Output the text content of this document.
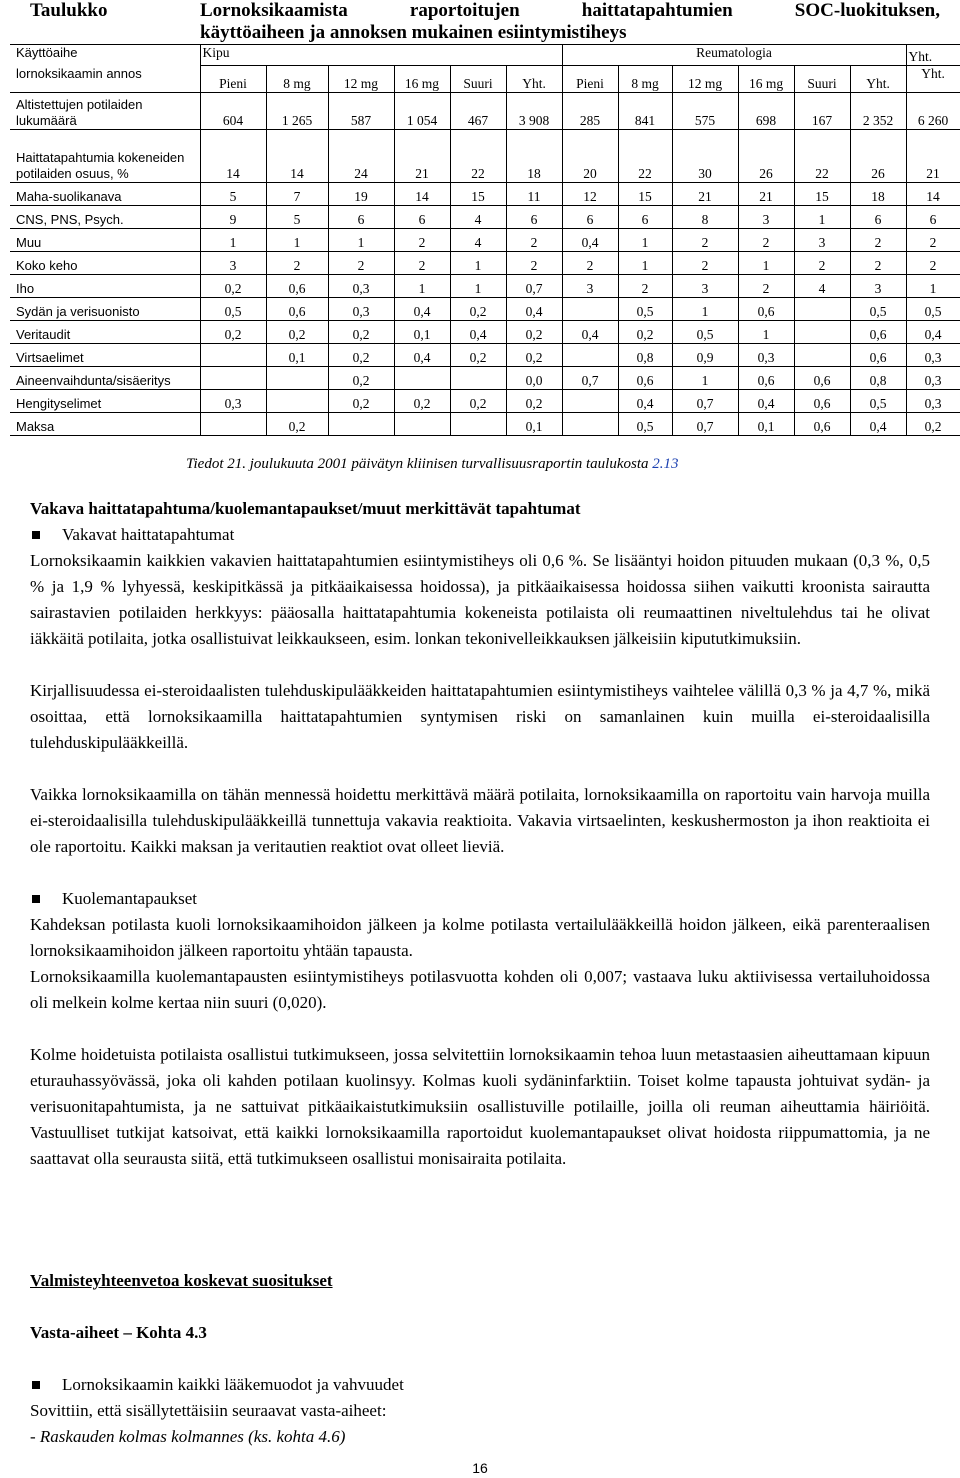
Taulukko	Lornoksikaamista raportoitujen haittatapahtumien SOC-luokituksen,
käyttöaiheen ja annoksen mukainen esiintymistiheys
Käyttöaihe	Kipu						Reumatologia						Yht.
lornoksikaamin annos	Pieni	8 mg	12 mg	16 mg	Suuri	Yht.	Pieni	8 mg	12 mg	16 mg	Suuri	Yht.	Yht.
Altistettujen potilaiden lukumäärä	604	1 265	587	1 054	467	3 908	285	841	575	698	167	2 352	6 260
Haittatapahtumia kokeneiden potilaiden osuus, %	14	14	24	21	22	18	20	22	30	26	22	26	21
Maha-suolikanava	5	7	19	14	15	11	12	15	21	21	15	18	14
CNS, PNS, Psych.	9	5	6	6	4	6	6	6	8	3	1	6	6
Muu	1	1	1	2	4	2	0,4	1	2	2	3	2	2
Koko keho	3	2	2	2	1	2	2	1	2	1	2	2	2
Iho	0,2	0,6	0,3	1	1	0,7	3	2	3	2	4	3	1
Sydän ja verisuonisto	0,5	0,6	0,3	0,4	0,2	0,4		0,5	1	0,6		0,5	0,5
Veritaudit	0,2	0,2	0,2	0,1	0,4	0,2	0,4	0,2	0,5	1		0,6	0,4
Virtsaelimet		0,1	0,2	0,4	0,2	0,2		0,8	0,9	0,3		0,6	0,3
Aineenvaihdunta/sisäeritys			0,2			0,0	0,7	0,6	1	0,6	0,6	0,8	0,3
Hengityselimet	0,3		0,2	0,2	0,2	0,2		0,4	0,7	0,4	0,6	0,5	0,3
Maksa		0,2				0,1		0,5	0,7	0,1	0,6	0,4	0,2
Tiedot 21. joulukuuta 2001 päivätyn kliinisen turvallisuusraportin taulukosta 2.13
Vakava haittatapahtuma/kuolemantapaukset/muut merkittävät tapahtumat
Vakavat haittatapahtumat

Lornoksikaamin kaikkien vakavien haittatapahtumien esiintymistiheys oli 0,6 %. Se lisääntyi hoidon pituuden mukaan (0,3 %, 0,5 % ja 1,9 % lyhyessä, keskipitkässä ja pitkäaikaisessa hoidossa), ja pitkäaikaisessa hoidossa siihen vaikutti kroonista sairautta sairastavien potilaiden herkkyys: pääosalla haittatapahtumia kokeneista potilaista oli reumaattinen niveltulehdus tai he olivat iäkkäitä potilaita, jotka osallistuivat leikkaukseen, esim. lonkan tekonivelleikkauksen jälkeisiin kipututkimuksiin.

Kirjallisuudessa ei-steroidaalisten tulehduskipulääkkeiden haittatapahtumien esiintymistiheys vaihtelee välillä 0,3 % ja 4,7 %, mikä osoittaa, että lornoksikaamilla haittatapahtumien syntymisen riski on samanlainen kuin muilla ei-steroidaalisilla tulehduskipulääkkeillä.

Vaikka lornoksikaamilla on tähän mennessä hoidettu merkittävä määrä potilaita, lornoksikaamilla on raportoitu vain harvoja muilla ei-steroidaalisilla tulehduskipulääkkeillä tunnettuja vakavia reaktioita. Vakavia virtsaelinten, keskushermoston ja ihon reaktioita ei ole raportoitu. Kaikki maksan ja veritautien reaktiot ovat olleet lieviä.

Kuolemantapaukset

Kahdeksan potilasta kuoli lornoksikaamihoidon jälkeen ja kolme potilasta vertailulääkkeillä hoidon jälkeen, eikä parenteraalisen lornoksikaamihoidon jälkeen raportoitu yhtään tapausta.

Lornoksikaamilla kuolemantapausten esiintymistiheys potilasvuotta kohden oli 0,007; vastaava luku aktiivisessa vertailuhoidossa oli melkein kolme kertaa niin suuri (0,020).

Kolme hoidetuista potilaista osallistui tutkimukseen, jossa selvitettiin lornoksikaamin tehoa luun metastaasien aiheuttamaan kipuun eturauhassyövässä, joka oli kahden potilaan kuolinsyy. Kolmas kuoli sydäninfarktiin. Toiset kolme tapausta johtuivat sydän- ja verisuonitapahtumista, ja ne sattuivat pitkäaikaistutkimuksiin osallistuville potilaille, joilla oli reuman aiheuttamia häiriöitä. Vastuulliset tutkijat katsoivat, että kaikki lornoksikaamilla raportoidut kuolemantapaukset olivat hoidosta riippumattomia, ja ne saattavat olla seurausta siitä, että tutkimukseen osallistui monisairaita potilaita.

Valmisteyhteenvetoa koskevat suositukset
Vasta-aiheet – Kohta 4.3
Lornoksikaamin kaikki lääkemuodot ja vahvuudet
Sovittiin, että sisällytettäisiin seuraavat vasta-aiheet:
- Raskauden kolmas kolmannes (ks. kohta 4.6)
16
